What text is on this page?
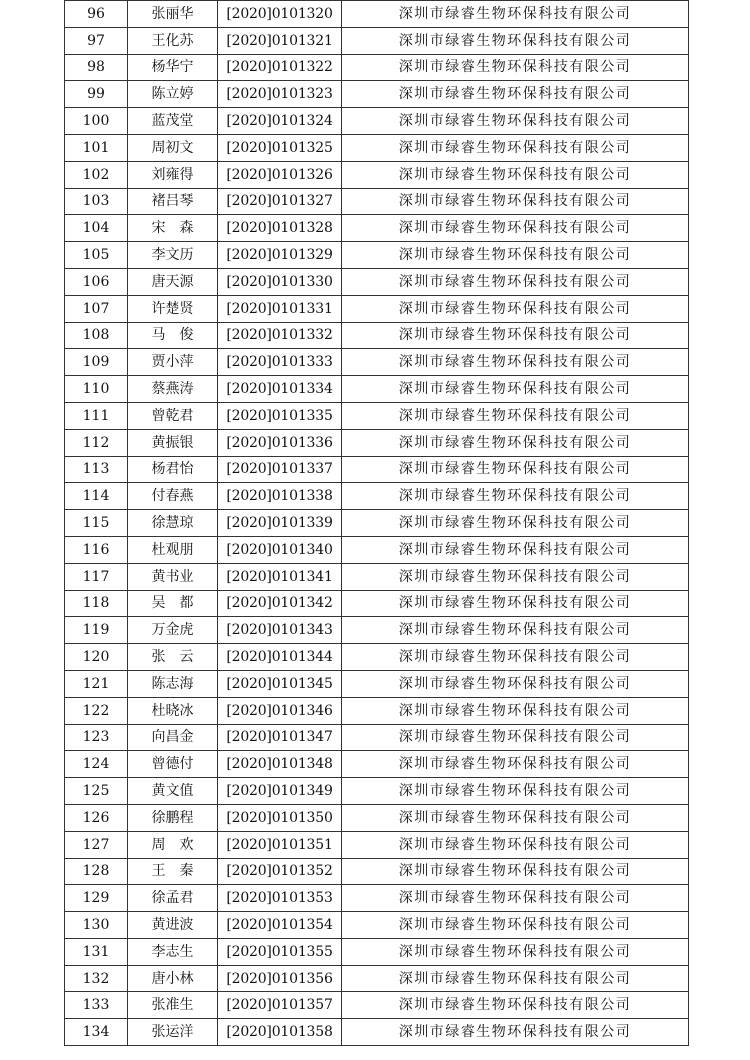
96	张丽华	[2020]0101320	深圳市绿睿生物环保科技有限公司
97	王化苏	[2020]0101321	深圳市绿睿生物环保科技有限公司
98	杨华宁	[2020]0101322	深圳市绿睿生物环保科技有限公司
99	陈立婷	[2020]0101323	深圳市绿睿生物环保科技有限公司
100	蓝茂堂	[2020]0101324	深圳市绿睿生物环保科技有限公司
101	周初文	[2020]0101325	深圳市绿睿生物环保科技有限公司
102	刘雍得	[2020]0101326	深圳市绿睿生物环保科技有限公司
103	褚吕琴	[2020]0101327	深圳市绿睿生物环保科技有限公司
104	宋　森	[2020]0101328	深圳市绿睿生物环保科技有限公司
105	李文历	[2020]0101329	深圳市绿睿生物环保科技有限公司
106	唐天源	[2020]0101330	深圳市绿睿生物环保科技有限公司
107	许楚贤	[2020]0101331	深圳市绿睿生物环保科技有限公司
108	马　俊	[2020]0101332	深圳市绿睿生物环保科技有限公司
109	贾小萍	[2020]0101333	深圳市绿睿生物环保科技有限公司
110	蔡燕涛	[2020]0101334	深圳市绿睿生物环保科技有限公司
111	曾乾君	[2020]0101335	深圳市绿睿生物环保科技有限公司
112	黄振银	[2020]0101336	深圳市绿睿生物环保科技有限公司
113	杨君怡	[2020]0101337	深圳市绿睿生物环保科技有限公司
114	付春燕	[2020]0101338	深圳市绿睿生物环保科技有限公司
115	徐慧琼	[2020]0101339	深圳市绿睿生物环保科技有限公司
116	杜观朋	[2020]0101340	深圳市绿睿生物环保科技有限公司
117	黄书业	[2020]0101341	深圳市绿睿生物环保科技有限公司
118	吴　都	[2020]0101342	深圳市绿睿生物环保科技有限公司
119	万金虎	[2020]0101343	深圳市绿睿生物环保科技有限公司
120	张　云	[2020]0101344	深圳市绿睿生物环保科技有限公司
121	陈志海	[2020]0101345	深圳市绿睿生物环保科技有限公司
122	杜晓冰	[2020]0101346	深圳市绿睿生物环保科技有限公司
123	向昌金	[2020]0101347	深圳市绿睿生物环保科技有限公司
124	曾德付	[2020]0101348	深圳市绿睿生物环保科技有限公司
125	黄文值	[2020]0101349	深圳市绿睿生物环保科技有限公司
126	徐鹏程	[2020]0101350	深圳市绿睿生物环保科技有限公司
127	周　欢	[2020]0101351	深圳市绿睿生物环保科技有限公司
128	王　秦	[2020]0101352	深圳市绿睿生物环保科技有限公司
129	徐孟君	[2020]0101353	深圳市绿睿生物环保科技有限公司
130	黄进波	[2020]0101354	深圳市绿睿生物环保科技有限公司
131	李志生	[2020]0101355	深圳市绿睿生物环保科技有限公司
132	唐小林	[2020]0101356	深圳市绿睿生物环保科技有限公司
133	张准生	[2020]0101357	深圳市绿睿生物环保科技有限公司
134	张运洋	[2020]0101358	深圳市绿睿生物环保科技有限公司
